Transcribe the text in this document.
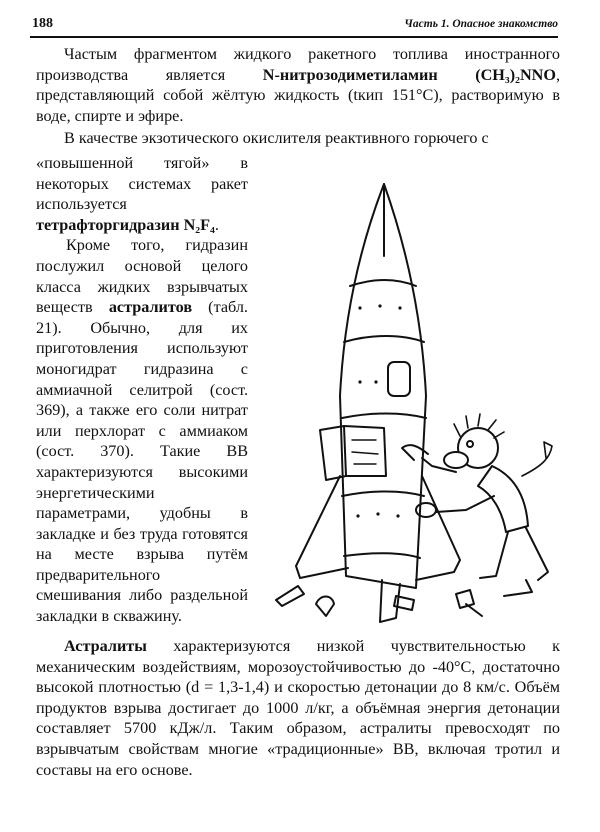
188	Часть 1. Опасное знакомство

Частым фрагментом жидкого ракетного топлива иностранного производства является N-нитрозодиметиламин (CH₃)₂NNO, представляющий собой жёлтую жидкость (tкип 151°C), растворимую в воде, спирте и эфире.

В качестве экзотического окислителя реактивного горючего с

«повышенной тягой» в некоторых системах ракет используется тетрафторгидразин N₂F₄.

Кроме того, гидразин послужил основой целого класса жидких взрывчатых веществ астралитов (табл. 21). Обычно, для их приготовления используют моногидрат гидразина с аммиачной селитрой (сост. 369), а также его соли нитрат или перхлорат с аммиаком (сост. 370). Такие ВВ характеризуются высокими энергетическими параметрами, удобны в закладке и без труда готовятся на месте взрыва путём предварительного смешивания либо раздельной закладки в скважину.

Астралиты характеризуются низкой чувствительностью к механическим воздействиям, морозоустойчивостью до -40°C, достаточно высокой плотностью (d = 1,3-1,4) и скоростью детонации до 8 км/с. Объём продуктов взрыва достигает до 1000 л/кг, а объёмная энергия детонации составляет 5700 кДж/л. Таким образом, астралиты превосходят по взрывчатым свойствам многие «традиционные» ВВ, включая тротил и составы на его основе.
